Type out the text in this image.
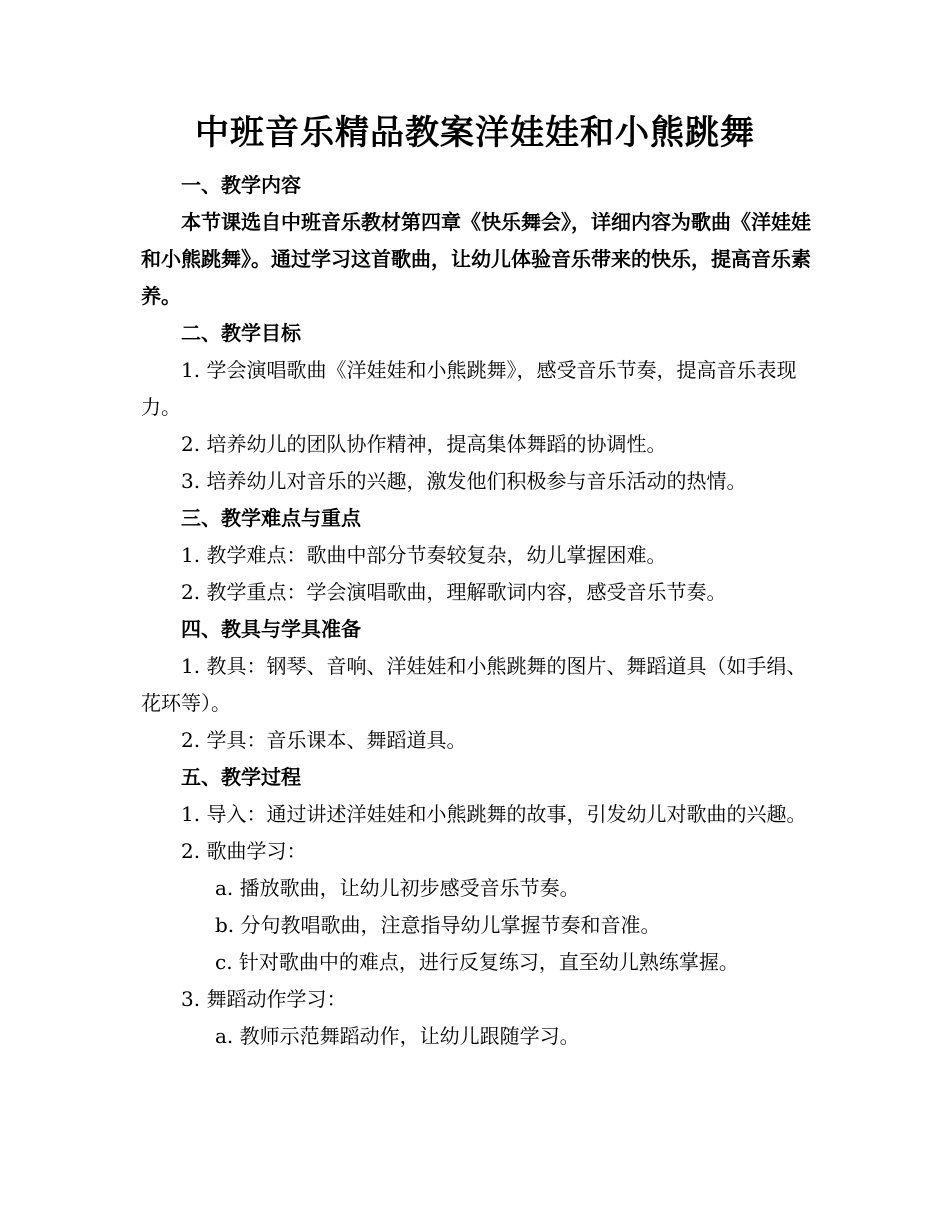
中班音乐精品教案洋娃娃和小熊跳舞

一、教学内容

本节课选自中班音乐教材第四章《快乐舞会》，详细内容为歌曲《洋娃娃和小熊跳舞》。通过学习这首歌曲，让幼儿体验音乐带来的快乐，提高音乐素养。

二、教学目标

1. 学会演唱歌曲《洋娃娃和小熊跳舞》，感受音乐节奏，提高音乐表现力。

2. 培养幼儿的团队协作精神，提高集体舞蹈的协调性。

3. 培养幼儿对音乐的兴趣，激发他们积极参与音乐活动的热情。

三、教学难点与重点

1. 教学难点：歌曲中部分节奏较复杂，幼儿掌握困难。

2. 教学重点：学会演唱歌曲，理解歌词内容，感受音乐节奏。

四、教具与学具准备

1. 教具：钢琴、音响、洋娃娃和小熊跳舞的图片、舞蹈道具（如手绢、花环等）。

2. 学具：音乐课本、舞蹈道具。

五、教学过程

1. 导入：通过讲述洋娃娃和小熊跳舞的故事，引发幼儿对歌曲的兴趣。

2. 歌曲学习：

a. 播放歌曲，让幼儿初步感受音乐节奏。

b. 分句教唱歌曲，注意指导幼儿掌握节奏和音准。

c. 针对歌曲中的难点，进行反复练习，直至幼儿熟练掌握。

3. 舞蹈动作学习：

a. 教师示范舞蹈动作，让幼儿跟随学习。
